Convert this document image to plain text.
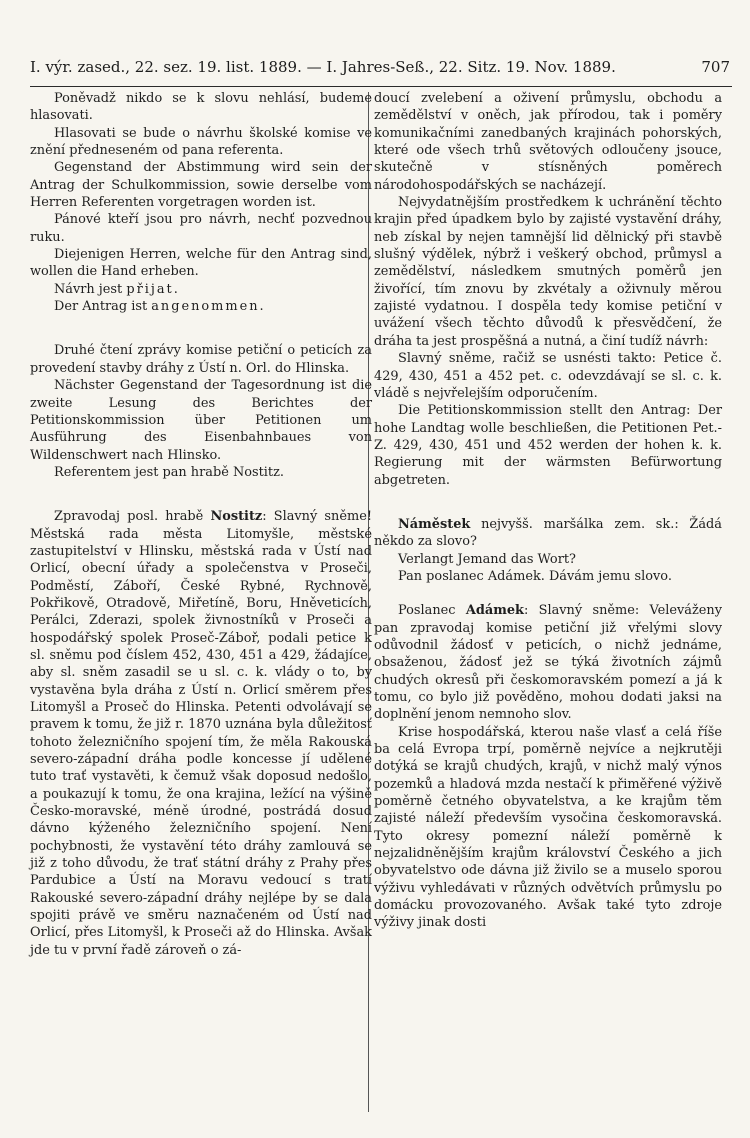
I. výr. zased., 22. sez. 19. list. 1889. — I. Jahres-Seß., 22. Sitz. 19. Nov. 1889.	707

Poněvadž nikdo se k slovu nehlásí, budeme hlasovati.

Hlasovati se bude o návrhu školské komise ve znění předneseném od pana referenta.

Gegenstand der Abstimmung wird sein der Antrag der Schulkommission, sowie derselbe vom Herren Referenten vorgetragen worden ist.

Pánové kteří jsou pro návrh, nechť pozvednou ruku.

Diejenigen Herren, welche für den Antrag sind, wollen die Hand erheben.

Návrh jest přijat.

Der Antrag ist angenommen.

Druhé čtení zprávy komise petiční o peticích za provedení stavby dráhy z Ústí n. Orl. do Hlinska.

Nächster Gegenstand der Tagesordnung ist die zweite Lesung des Berichtes der Petitionskommission über Petitionen um Ausführung des Eisenbahnbaues von Wildenschwert nach Hlinsko.

Referentem jest pan hrabě Nostitz.

Zpravodaj posl. hrabě Nostitz: Slavný sněme! Městská rada města Litomyšle, městské zastupitelství v Hlinsku, městská rada v Ústí nad Orlicí, obecní úřady a společenstva v Proseči, Podměstí, Záboří, České Rybné, Rychnově, Pokřikově, Otradově, Miřetíně, Boru, Hněveticích, Perálci, Zderazi, spolek živnostníků v Proseči a hospodářský spolek Proseč-Záboř, podali petice k sl. sněmu pod číslem 452, 430, 451 a 429, žádajíce, aby sl. sněm zasadil se u sl. c. k. vlády o to, by vystavěna byla dráha z Ústí n. Orlicí směrem přes Litomyšl a Proseč do Hlinska. Petenti odvolávají se pravem k tomu, že již r. 1870 uznána byla důležitosť tohoto železničního spojení tím, že měla Rakouská severo-západní dráha podle koncesse jí udělené tuto trať vystavěti, k čemuž však doposud nedošlo, a poukazují k tomu, že ona krajina, ležící na výšině Česko-moravské, méně úrodné, postrádá dosud dávno kýženého železničního spojení. Není pochybnosti, že vystavění této dráhy zamlouvá se již z toho důvodu, že trať státní dráhy z Prahy přes Pardubice a Ústí na Moravu vedoucí s tratí Rakouské severo-západní dráhy nejlépe by se dala spojiti právě ve směru naznačeném od Ústí nad Orlicí, přes Litomyšl, k Proseči až do Hlinska. Avšak jde tu v první řadě zároveň o zá-

doucí zvelebení a oživení průmyslu, obchodu a zemědělství v oněch, jak přírodou, tak i poměry komunikačními zanedbaných krajinách pohorských, které ode všech trhů světových odloučeny jsouce, skutečně v stísněných poměrech národohospodářských se nacházejí.

Nejvydatnějším prostředkem k uchránění těchto krajin před úpadkem bylo by zajisté vystavění dráhy, neb získal by nejen tamnější lid dělnický při stavbě slušný výdělek, nýbrž i veškerý obchod, průmysl a zemědělství, následkem smutných poměrů jen živořící, tím znovu by zkvétaly a oživnuly měrou zajisté vydatnou. I dospěla tedy komise petiční v uvážení všech těchto důvodů k přesvědčení, že dráha ta jest prospěšná a nutná, a činí tudíž návrh:

Slavný sněme, račiž se usnésti takto: Petice č. 429, 430, 451 a 452 pet. c. odevzdávají se sl. c. k. vládě s nejvřelejším odporučením.

Die Petitionskommission stellt den Antrag: Der hohe Landtag wolle beschließen, die Petitionen Pet.-Z. 429, 430, 451 und 452 werden der hohen k. k. Regierung mit der wärmsten Befürwortung abgetreten.

Náměstek nejvyšš. maršálka zem. sk.: Žádá někdo za slovo?

Verlangt Jemand das Wort?

Pan poslanec Adámek. Dávám jemu slovo.

Poslanec Adámek: Slavný sněme: Veleváženy pan zpravodaj komise petiční již vřelými slovy odůvodnil žádosť v peticích, o nichž jednáme, obsaženou, žádosť jež se týká životních zájmů chudých okresů při českomoravském pomezí a já k tomu, co bylo již pověděno, mohou dodati jaksi na doplnění jenom nemnoho slov.

Krise hospodářská, kterou naše vlasť a celá říše ba celá Evropa trpí, poměrně nejvíce a nejkrutěji dotýká se krajů chudých, krajů, v nichž malý výnos pozemků a hladová mzda nestačí k přiměřené výživě poměrně četného obyvatelstva, a ke krajům těm zajisté náleží především vysočina českomoravská. Tyto okresy pomezní náleží poměrně k nejzalidněnějším krajům království Českého a jich obyvatelstvo ode dávna již živilo se a muselo sporou výživu vyhledávati v různých odvětvích průmyslu po domácku provozovaného. Avšak také tyto zdroje výživy jinak dosti
